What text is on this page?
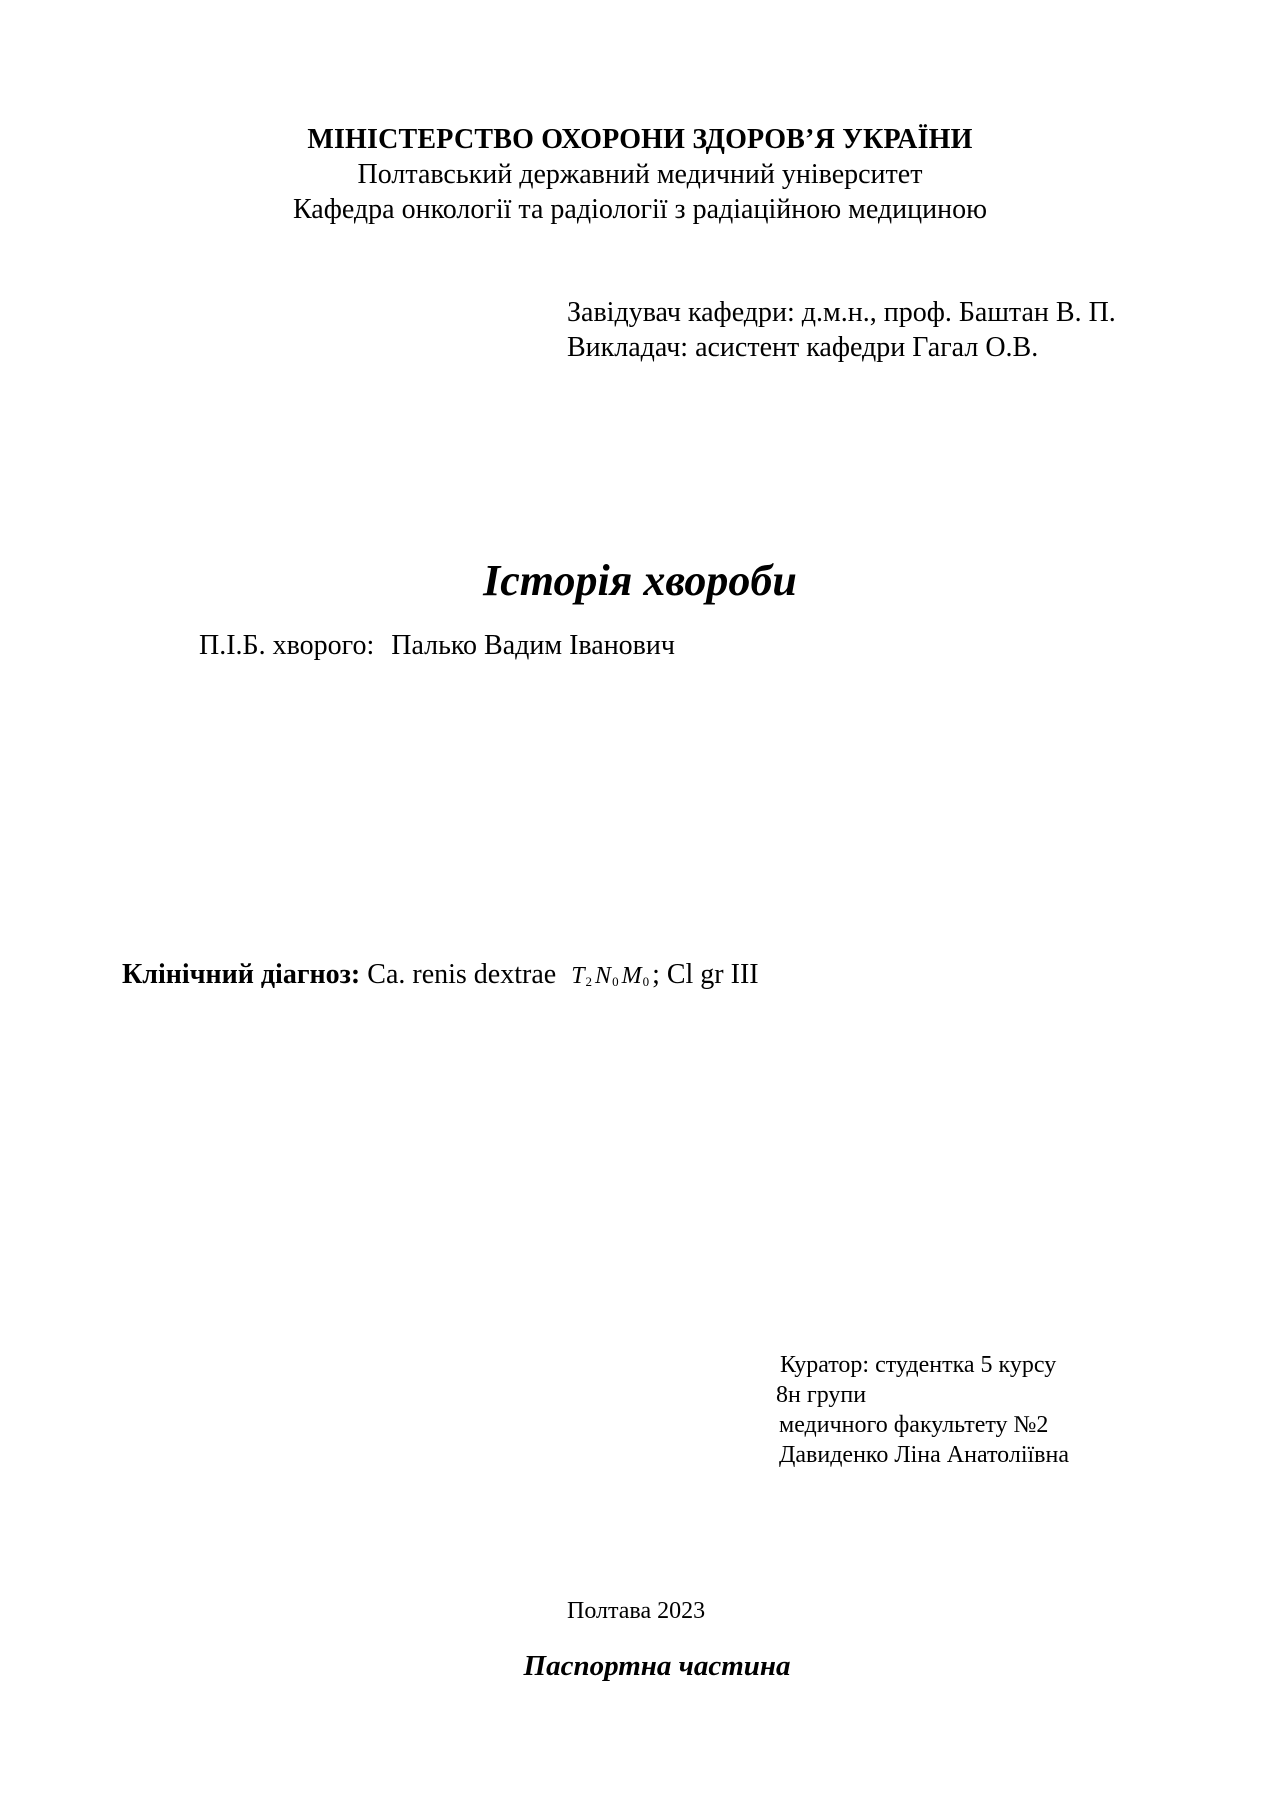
МІНІСТЕРСТВО ОХОРОНИ ЗДОРОВ’Я УКРАЇНИ
Полтавський державний медичний університет
Кафедра онкології та радіології з радіаційною медициною
Завідувач кафедри: д.м.н., проф. Баштан В. П.
Викладач: асистент кафедри Гагал О.В.
Історія хвороби
П.І.Б. хворого: Палько Вадим Іванович
Клінічний діагноз: Ca. renis dextrae $T_2$ $N_0$ $M_0$ ; Cl gr III
Куратор: студентка 5 курсу
8н групи
медичного факультету №2
Давиденко Ліна Анатоліївна
Полтава 2023
Паспортна частина
